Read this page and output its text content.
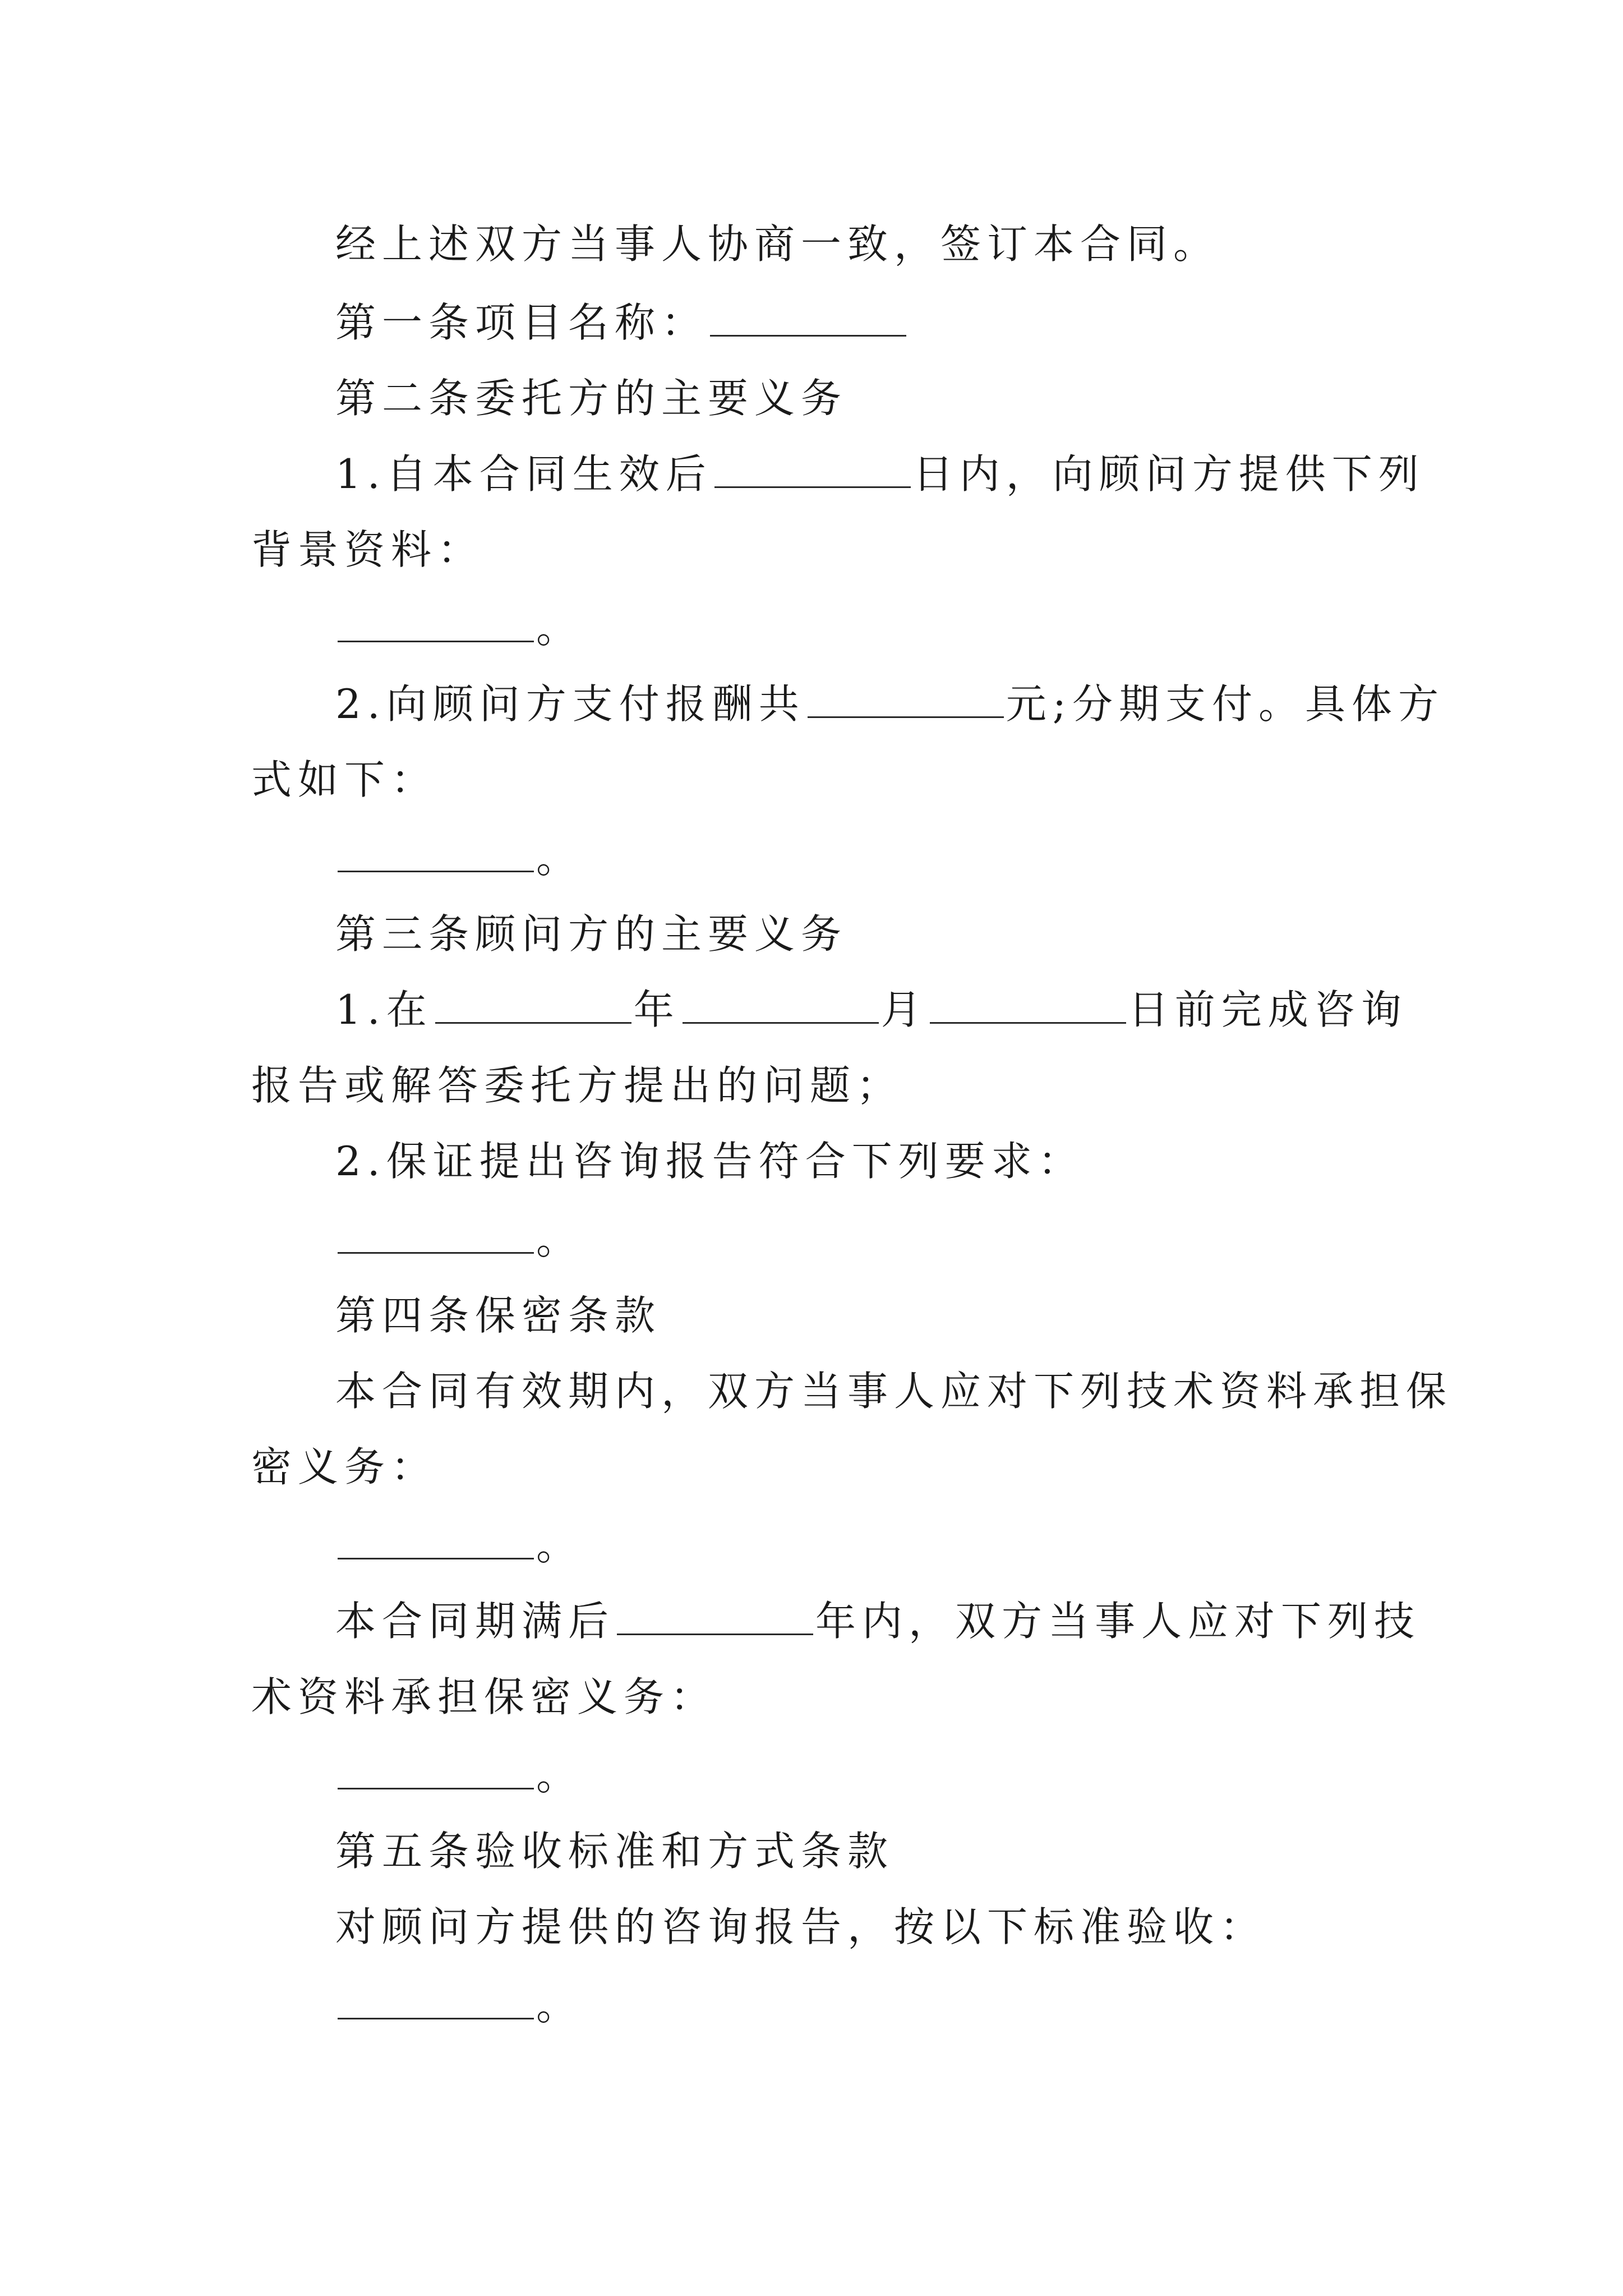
经上述双方当事人协商一致，签订本合同。
第一条项目名称：
第二条委托方的主要义务
1.自本合同生效后	日内，向顾问方提供下列
背景资料：
。
2.向顾问方支付报酬共	元;分期支付。具体方
式如下：
。
第三条顾问方的主要义务
1.在	年	月	日前完成咨询
报告或解答委托方提出的问题；
2.保证提出咨询报告符合下列要求：
。
第四条保密条款
本合同有效期内，双方当事人应对下列技术资料承担保
密义务：
。
本合同期满后	年内，双方当事人应对下列技
术资料承担保密义务：
。
第五条验收标准和方式条款
对顾问方提供的咨询报告，按以下标准验收：
。
